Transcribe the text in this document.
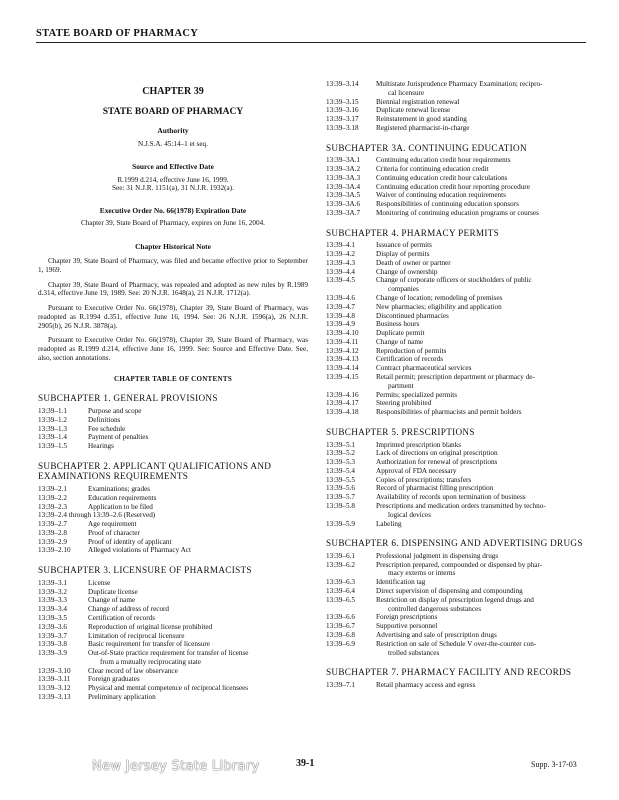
STATE BOARD OF PHARMACY
CHAPTER 39
STATE BOARD OF PHARMACY
Authority
N.J.S.A. 45:14–1 et seq.
Source and Effective Date
R.1999 d.214, effective June 16, 1999.
See: 31 N.J.R. 1151(a), 31 N.J.R. 1932(a).
Executive Order No. 66(1978) Expiration Date
Chapter 39, State Board of Pharmacy, expires on June 16, 2004.
Chapter Historical Note

Chapter 39, State Board of Pharmacy, was filed and became effective prior to September 1, 1969.

Chapter 39, State Board of Pharmacy, was repealed and adopted as new rules by R.1989 d.314, effective June 19, 1989. See: 20 N.J.R. 1648(a), 21 N.J.R. 1712(a).

Pursuant to Executive Order No. 66(1978), Chapter 39, State Board of Pharmacy, was readopted as R.1994 d.351, effective June 16, 1994. See: 26 N.J.R. 1596(a), 26 N.J.R. 2905(b), 26 N.J.R. 3878(a).

Pursuant to Executive Order No. 66(1978), Chapter 39, State Board of Pharmacy, was readopted as R.1999 d.214, effective June 16, 1999. See: Source and Effective Date. See, also, section annotations.

CHAPTER TABLE OF CONTENTS
SUBCHAPTER 1. GENERAL PROVISIONS
13:39–1.1	Purpose and scope
13:39–1.2	Definitions
13:39–1.3	Fee schedule
13:39–1.4	Payment of penalties
13:39–1.5	Hearings
SUBCHAPTER 2. APPLICANT QUALIFICATIONS AND EXAMINATIONS REQUIREMENTS
13:39–2.1	Examinations; grades
13:39–2.2	Education requirements
13:39–2.3	Application to be filed
13:39–2.4 through 13:39–2.6 (Reserved)
13:39–2.7	Age requirement
13:39–2.8	Proof of character
13:39–2.9	Proof of identity of applicant
13:39–2.10	Alleged violations of Pharmacy Act
SUBCHAPTER 3. LICENSURE OF PHARMACISTS
13:39–3.1	License
13:39–3.2	Duplicate license
13:39–3.3	Change of name
13:39–3.4	Change of address of record
13:39–3.5	Certification of records
13:39–3.6	Reproduction of original license prohibited
13:39–3.7	Limitation of reciprocal licensure
13:39–3.8	Basic requirement for transfer of licensure
13:39–3.9	Out-of-State practice requirement for transfer of license
from a mutually reciprocating state
13:39–3.10	Clear record of law observance
13:39–3.11	Foreign graduates
13:39–3.12	Physical and mental competence of reciprocal licensees
13:39–3.13	Preliminary application
13:39–3.14	Multistate Jurisprudence Pharmacy Examination; recipro-
cal licensure
13:39–3.15	Biennial registration renewal
13:39–3.16	Duplicate renewal license
13:39–3.17	Reinstatement in good standing
13:39–3.18	Registered pharmacist-in-charge
SUBCHAPTER 3A. CONTINUING EDUCATION
13:39–3A.1	Continuing education credit hour requirements
13:39–3A.2	Criteria for continuing education credit
13:39–3A.3	Continuing education credit hour calculations
13:39–3A.4	Continuing education credit hour reporting procedure
13:39–3A.5	Waiver of continuing education requirements
13:39–3A.6	Responsibilities of continuing education sponsors
13:39–3A.7	Monitoring of continuing education programs or courses
SUBCHAPTER 4. PHARMACY PERMITS
13:39–4.1	Issuance of permits
13:39–4.2	Display of permits
13:39–4.3	Death of owner or partner
13:39–4.4	Change of ownership
13:39–4.5	Change of corporate officers or stockholders of public
companies
13:39–4.6	Change of location; remodeling of premises
13:39–4.7	New pharmacies; eligibility and application
13:39–4.8	Discontinued pharmacies
13:39–4.9	Business hours
13:39–4.10	Duplicate permit
13:39–4.11	Change of name
13:39–4.12	Reproduction of permits
13:39–4.13	Certification of records
13:39–4.14	Contract pharmaceutical services
13:39–4.15	Retail permit; prescription department or pharmacy de-
partment
13:39–4.16	Permits; specialized permits
13:39–4.17	Steering prohibited
13:39–4.18	Responsibilities of pharmacists and permit holders
SUBCHAPTER 5. PRESCRIPTIONS
13:39–5.1	Imprinted prescription blanks
13:39–5.2	Lack of directions on original prescription
13:39–5.3	Authorization for renewal of prescriptions
13:39–5.4	Approval of FDA necessary
13:39–5.5	Copies of prescriptions; transfers
13:39–5.6	Record of pharmacist filling prescription
13:39–5.7	Availability of records upon termination of business
13:39–5.8	Prescriptions and medication orders transmitted by techno-
logical devices
13:39–5.9	Labeling
SUBCHAPTER 6. DISPENSING AND ADVERTISING DRUGS
13:39–6.1	Professional judgment in dispensing drugs
13:39–6.2	Prescription prepared, compounded or dispensed by phar-
macy externs or interns
13:39–6.3	Identification tag
13:39–6.4	Direct supervision of dispensing and compounding
13:39–6.5	Restriction on display of prescription legend drugs and
controlled dangerous substances
13:39–6.6	Foreign prescriptions
13:39–6.7	Supportive personnel
13:39–6.8	Advertising and sale of prescription drugs
13:39–6.9	Restriction on sale of Schedule V over-the-counter con-
trolled substances
SUBCHAPTER 7. PHARMACY FACILITY AND RECORDS
13:39–7.1	Retail pharmacy access and egress
New Jersey State Library	39-1	Supp. 3-17-03
